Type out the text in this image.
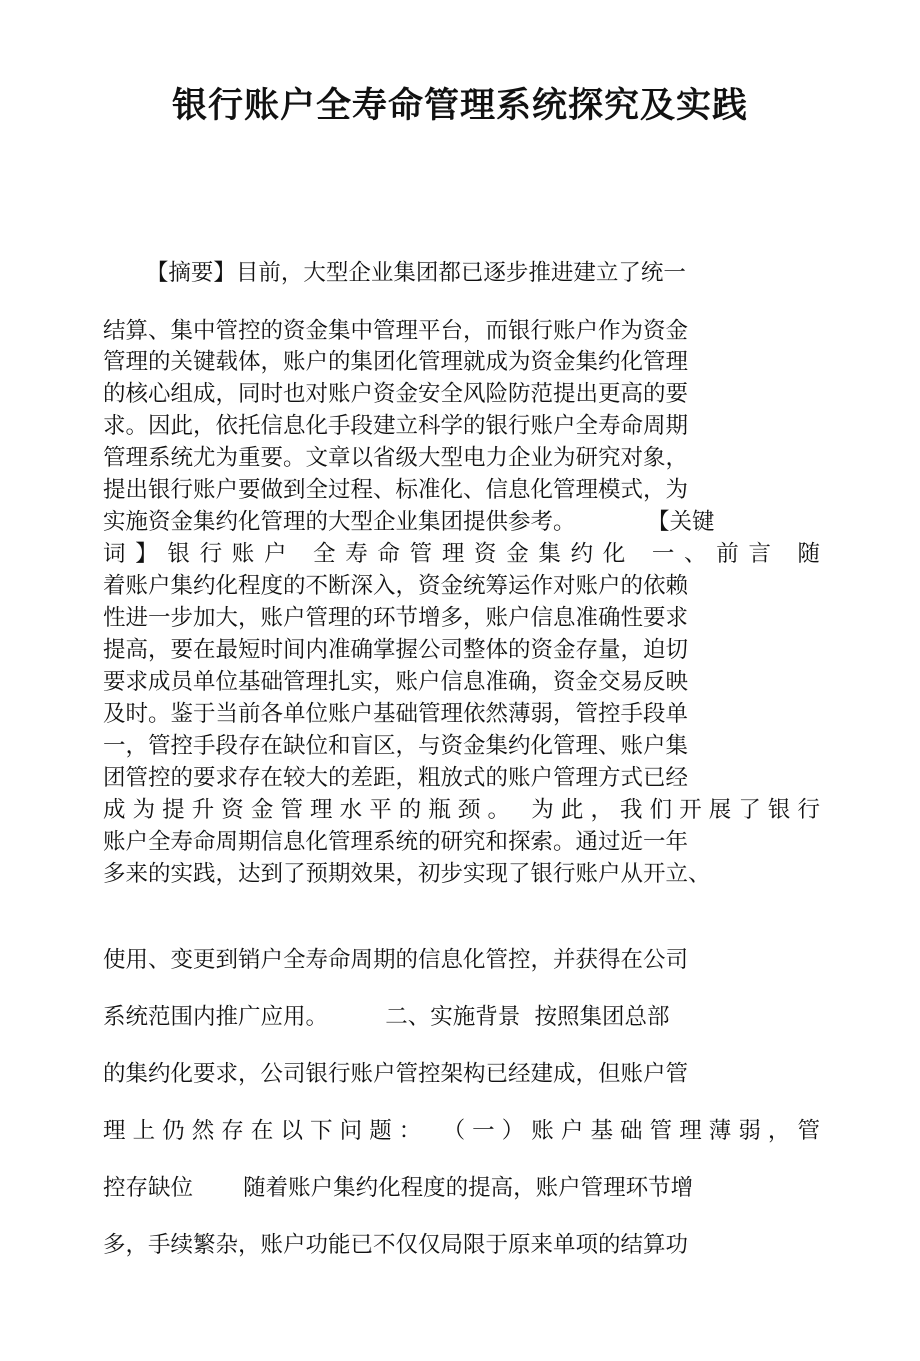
银行账户全寿命管理系统探究及实践
【摘要】目前，大型企业集团都已逐步推进建立了统一
结算、集中管控的资金集中管理平台，而银行账户作为资金
管理的关键载体，账户的集团化管理就成为资金集约化管理
的核心组成，同时也对账户资金安全风险防范提出更高的要
求。因此，依托信息化手段建立科学的银行账户全寿命周期
管理系统尤为重要。文章以省级大型电力企业为研究对象，
提出银行账户要做到全过程、标准化、信息化管理模式，为
实施资金集约化管理的大型企业集团提供参考。          【关键
词】银行账户 全寿命管理资金集约化 一、前言 随
着账户集约化程度的不断深入，资金统筹运作对账户的依赖
性进一步加大，账户管理的环节增多，账户信息准确性要求
提高，要在最短时间内准确掌握公司整体的资金存量，迫切
要求成员单位基础管理扎实，账户信息准确，资金交易反映
及时。鉴于当前各单位账户基础管理依然薄弱，管控手段单
一，管控手段存在缺位和盲区，与资金集约化管理、账户集
团管控的要求存在较大的差距，粗放式的账户管理方式已经
成为提升资金管理水平的瓶颈。 为此，我们开展了银行
账户全寿命周期信息化管理系统的研究和探索。通过近一年
多来的实践，达到了预期效果，初步实现了银行账户从开立、
使用、变更到销户全寿命周期的信息化管控，并获得在公司
系统范围内推广应用。        二、实施背景  按照集团总部
的集约化要求，公司银行账户管控架构已经建成，但账户管
理上仍然存在以下问题： （一）账户基础管理薄弱，管
控存缺位       随着账户集约化程度的提高，账户管理环节增
多，手续繁杂，账户功能已不仅仅局限于原来单项的结算功
